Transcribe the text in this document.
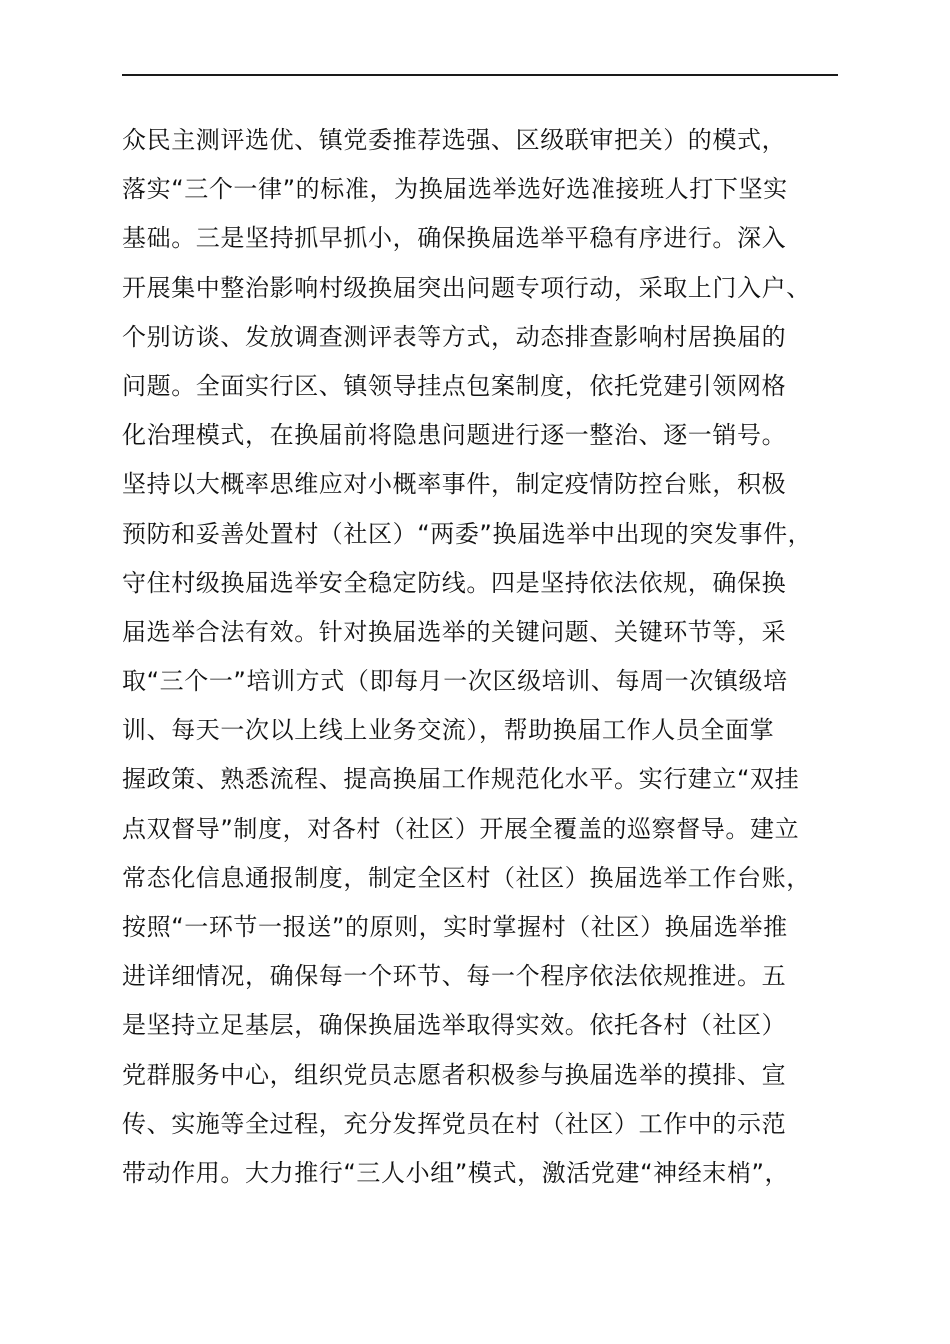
众民主测评选优、镇党委推荐选强、区级联审把关）的模式，
落实“三个一律”的标准，为换届选举选好选准接班人打下坚实
基础。三是坚持抓早抓小，确保换届选举平稳有序进行。深入
开展集中整治影响村级换届突出问题专项行动，采取上门入户、
个别访谈、发放调查测评表等方式，动态排查影响村居换届的
问题。全面实行区、镇领导挂点包案制度，依托党建引领网格
化治理模式，在换届前将隐患问题进行逐一整治、逐一销号。
坚持以大概率思维应对小概率事件，制定疫情防控台账，积极
预防和妥善处置村（社区）“两委”换届选举中出现的突发事件，
守住村级换届选举安全稳定防线。四是坚持依法依规，确保换
届选举合法有效。针对换届选举的关键问题、关键环节等，采
取“三个一”培训方式（即每月一次区级培训、每周一次镇级培
训、每天一次以上线上业务交流），帮助换届工作人员全面掌
握政策、熟悉流程、提高换届工作规范化水平。实行建立“双挂
点双督导”制度，对各村（社区）开展全覆盖的巡察督导。建立
常态化信息通报制度，制定全区村（社区）换届选举工作台账，
按照“一环节一报送”的原则，实时掌握村（社区）换届选举推
进详细情况，确保每一个环节、每一个程序依法依规推进。五
是坚持立足基层，确保换届选举取得实效。依托各村（社区）
党群服务中心，组织党员志愿者积极参与换届选举的摸排、宣
传、实施等全过程，充分发挥党员在村（社区）工作中的示范
带动作用。大力推行“三人小组”模式，激活党建“神经末梢”，
